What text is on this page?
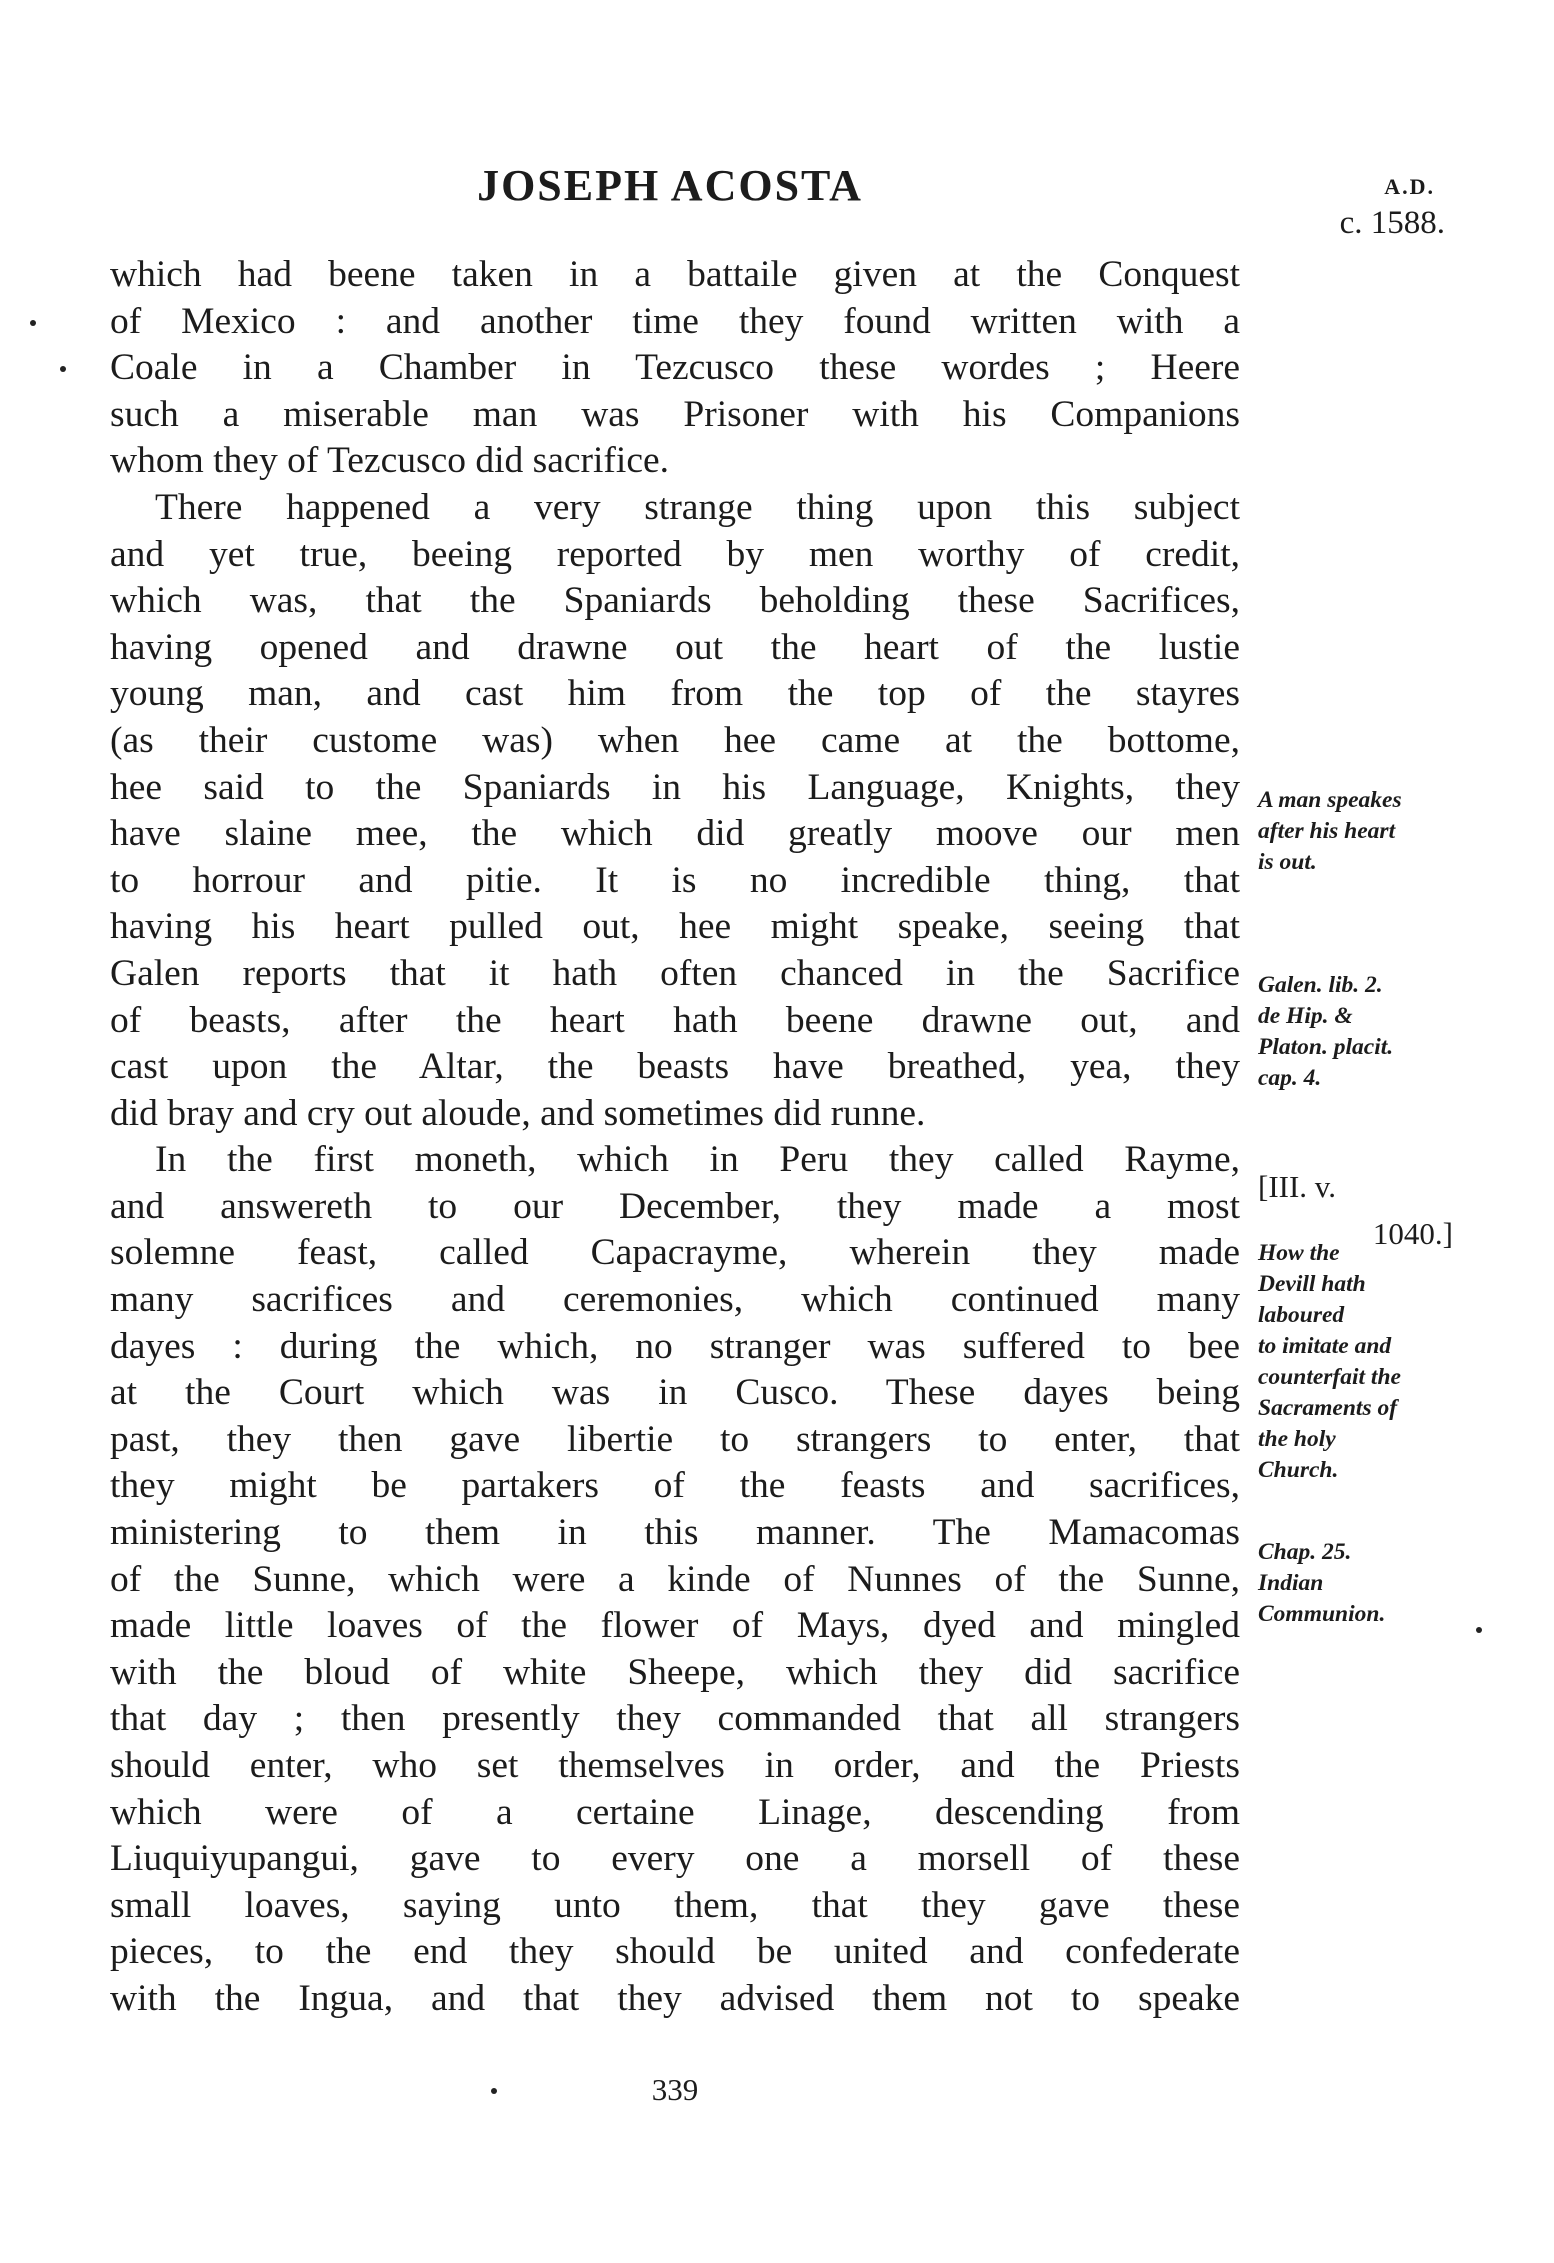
JOSEPH ACOSTA	A.D.
c. 1588.
which had beene taken in a battaile given at the Conquest
of Mexico : and another time they found written with a
Coale in a Chamber in Tezcusco these wordes ; Heere
such a miserable man was Prisoner with his Companions
whom they of Tezcusco did sacrifice.
There happened a very strange thing upon this subject
and yet true, beeing reported by men worthy of credit,
which was, that the Spaniards beholding these Sacrifices,
having opened and drawne out the heart of the lustie
young man, and cast him from the top of the stayres
(as their custome was) when hee came at the bottome,
hee said to the Spaniards in his Language, Knights, they
have slaine mee, the which did greatly moove our men
to horrour and pitie. It is no incredible thing, that
having his heart pulled out, hee might speake, seeing that
Galen reports that it hath often chanced in the Sacrifice
of beasts, after the heart hath beene drawne out, and
cast upon the Altar, the beasts have breathed, yea, they
did bray and cry out aloude, and sometimes did runne.
In the first moneth, which in Peru they called Rayme,
and answereth to our December, they made a most
solemne feast, called Capacrayme, wherein they made
many sacrifices and ceremonies, which continued many
dayes : during the which, no stranger was suffered to bee
at the Court which was in Cusco. These dayes being
past, they then gave libertie to strangers to enter, that
they might be partakers of the feasts and sacrifices,
ministering to them in this manner. The Mamacomas
of the Sunne, which were a kinde of Nunnes of the Sunne,
made little loaves of the flower of Mays, dyed and mingled
with the bloud of white Sheepe, which they did sacrifice
that day ; then presently they commanded that all strangers
should enter, who set themselves in order, and the Priests
which were of a certaine Linage, descending from
Liuquiyupangui, gave to every one a morsell of these
small loaves, saying unto them, that they gave these
pieces, to the end they should be united and confederate
with the Ingua, and that they advised them not to speake
A man speakes
after his heart
is out.
Galen. lib. 2.
de Hip. &
Platon. placit.
cap. 4.
[III. v.
1040.]
How the
Devill hath
laboured
to imitate and
counterfait the
Sacraments of
the holy
Church.
Chap. 25.
Indian
Communion.
339
